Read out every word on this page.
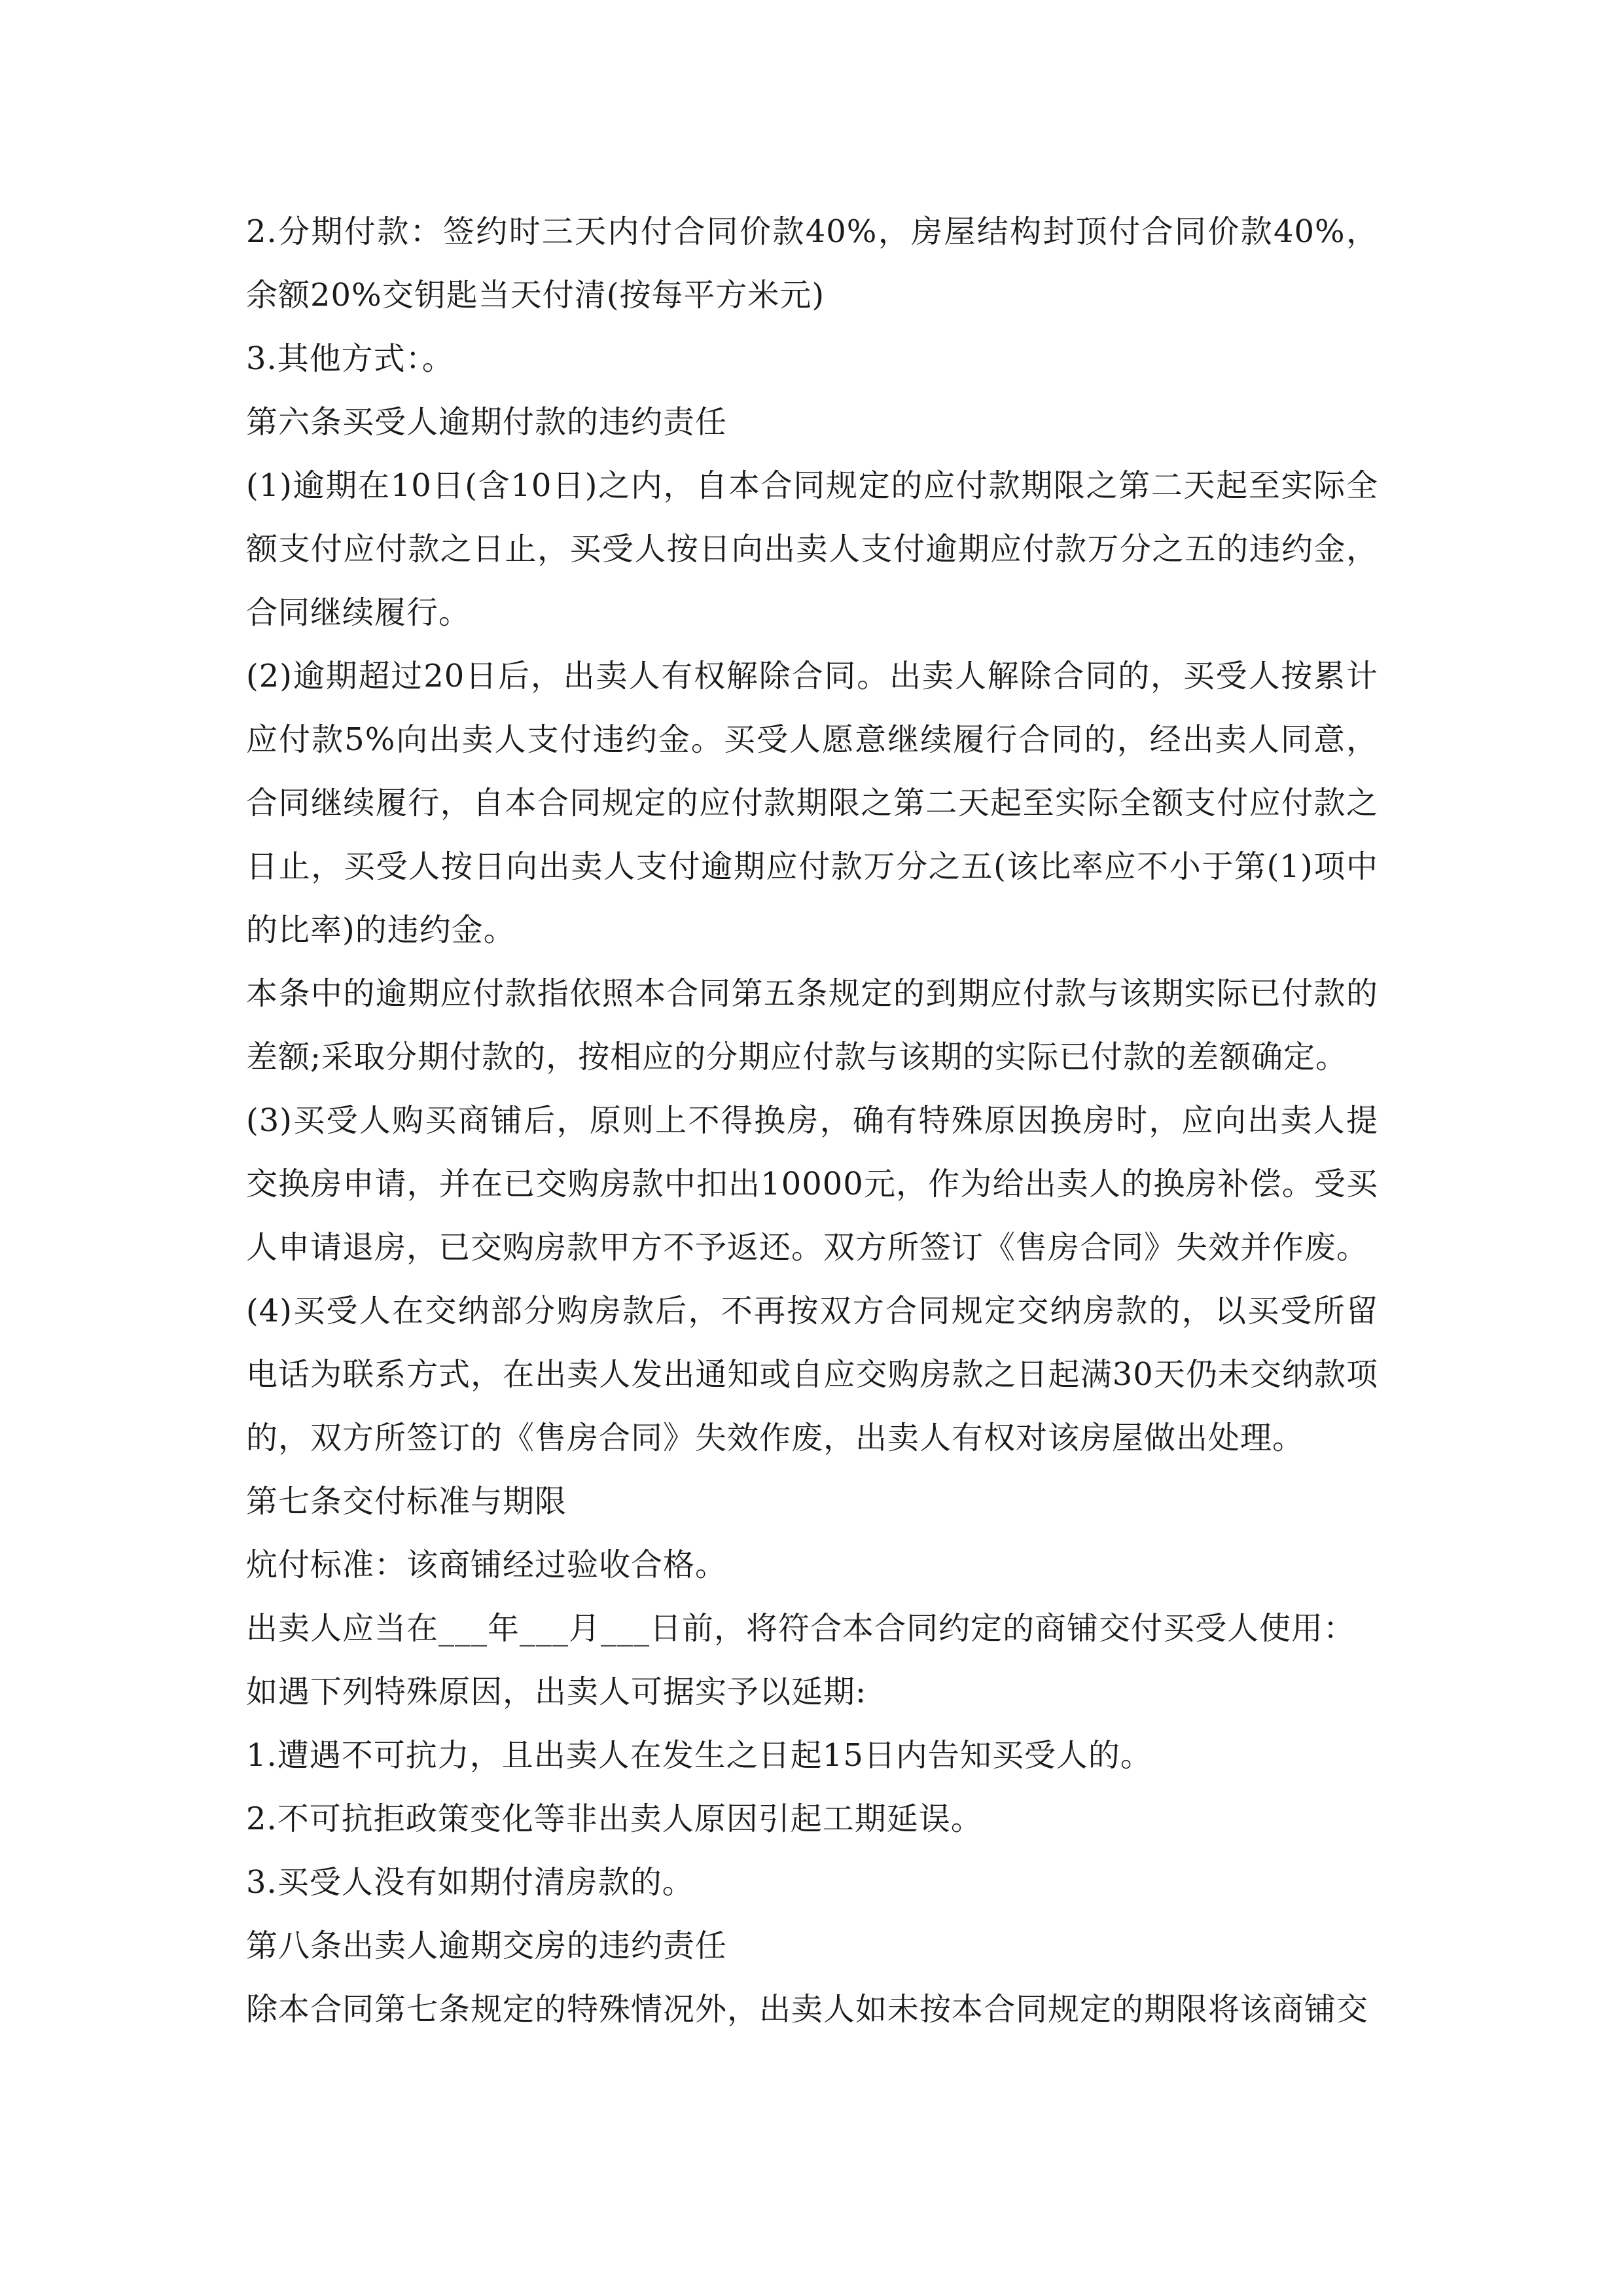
2.分期付款：签约时三天内付合同价款40%，房屋结构封顶付合同价款40%，余额20%交钥匙当天付清(按每平方米元)

3.其他方式：。

第六条买受人逾期付款的违约责任

(1)逾期在10日(含10日)之内，自本合同规定的应付款期限之第二天起至实际全额支付应付款之日止，买受人按日向出卖人支付逾期应付款万分之五的违约金，合同继续履行。

(2)逾期超过20日后，出卖人有权解除合同。出卖人解除合同的，买受人按累计应付款5%向出卖人支付违约金。买受人愿意继续履行合同的，经出卖人同意，合同继续履行，自本合同规定的应付款期限之第二天起至实际全额支付应付款之日止，买受人按日向出卖人支付逾期应付款万分之五(该比率应不小于第(1)项中的比率)的违约金。

本条中的逾期应付款指依照本合同第五条规定的到期应付款与该期实际已付款的差额;采取分期付款的，按相应的分期应付款与该期的实际已付款的差额确定。

(3)买受人购买商铺后，原则上不得换房，确有特殊原因换房时，应向出卖人提交换房申请，并在已交购房款中扣出10000元，作为给出卖人的换房补偿。受买人申请退房，已交购房款甲方不予返还。双方所签订《售房合同》失效并作废。

(4)买受人在交纳部分购房款后，不再按双方合同规定交纳房款的，以买受所留电话为联系方式，在出卖人发出通知或自应交购房款之日起满30天仍未交纳款项的，双方所签订的《售房合同》失效作废，出卖人有权对该房屋做出处理。

第七条交付标准与期限

炕付标准：该商铺经过验收合格。

出卖人应当在___年___月___日前，将符合本合同约定的商铺交付买受人使用：

如遇下列特殊原因，出卖人可据实予以延期:

1.遭遇不可抗力，且出卖人在发生之日起15日内告知买受人的。

2.不可抗拒政策变化等非出卖人原因引起工期延误。

3.买受人没有如期付清房款的。

第八条出卖人逾期交房的违约责任

除本合同第七条规定的特殊情况外，出卖人如未按本合同规定的期限将该商铺交
